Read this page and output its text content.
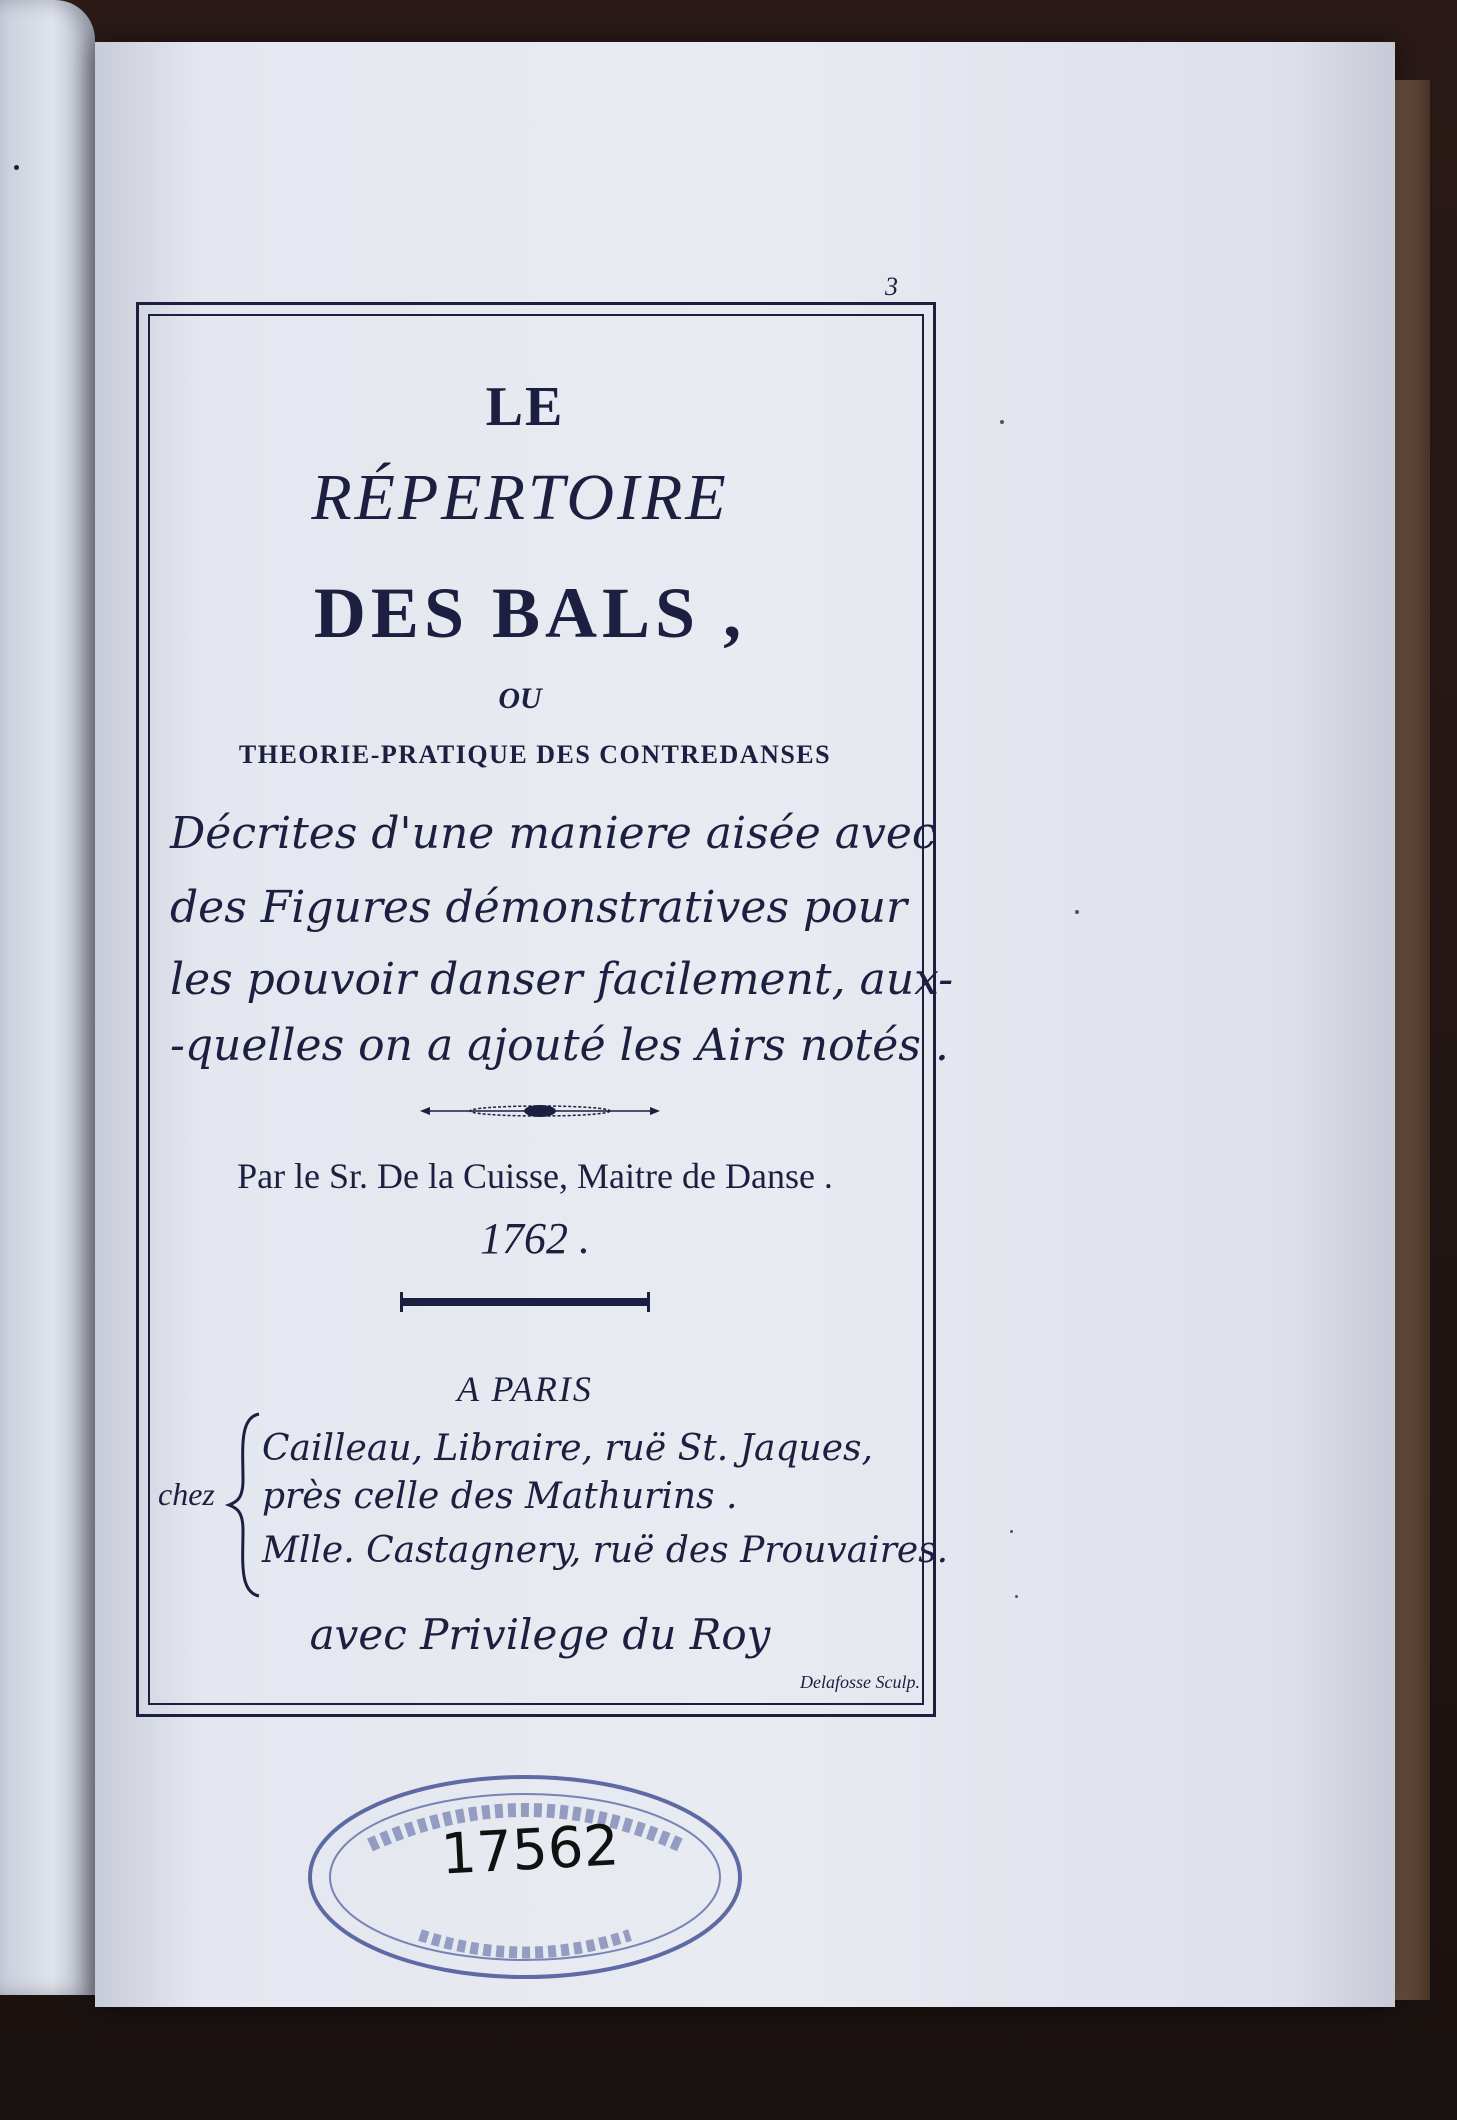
3
LE
RÉPERTOIRE
DES BALS ,
OU
THEORIE-PRATIQUE DES CONTREDANSES
Décrites d'une maniere aisée avec
des Figures démonstratives pour
les pouvoir danser facilement, aux-
-quelles on a ajouté les Airs notés .
Par le Sr. De la Cuisse, Maitre de Danse .
1762 .
A PARIS
chez
Cailleau, Libraire, ruë St. Jaques,
près celle des Mathurins .
Mlle. Castagnery, ruë des Prouvaires.
avec Privilege du Roy
Delafosse Sculp.
17562
